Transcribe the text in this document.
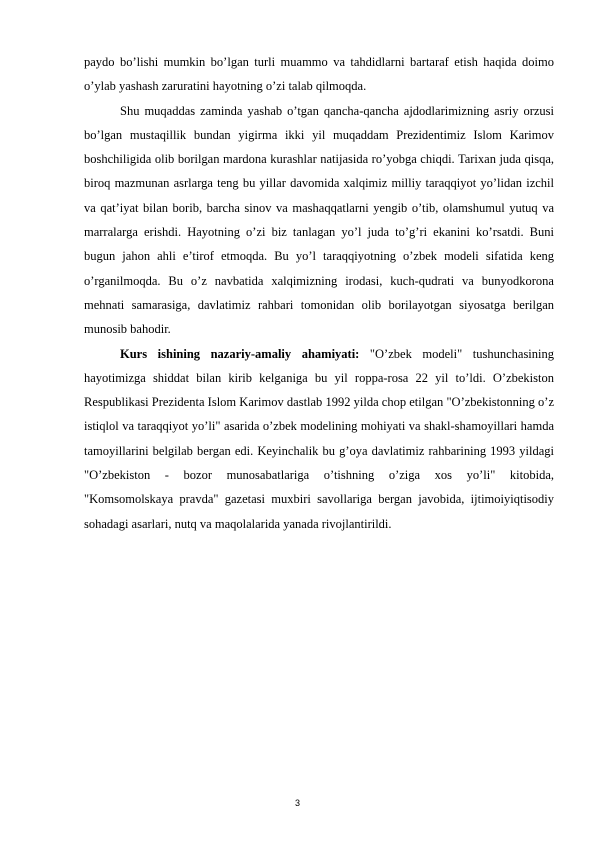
paydo bo’lishi mumkin bo’lgan turli muammo va tahdidlarni bartaraf etish haqida doimo o’ylab yashash zaruratini hayotning o’zi talab qilmoqda.

Shu muqaddas zaminda yashab o’tgan qancha-qancha ajdodlarimizning asriy orzusi bo’lgan mustaqillik bundan yigirma ikki yil muqaddam Prezidentimiz Islom Karimov boshchiligida olib borilgan mardona kurashlar natijasida ro’yobga chiqdi. Tarixan juda qisqa, biroq mazmunan asrlarga teng bu yillar davomida xalqimiz milliy taraqqiyot yo’lidan izchil va qat’iyat bilan borib, barcha sinov va mashaqqatlarni yengib o’tib, olamshumul yutuq va marralarga erishdi. Hayotning o’zi biz tanlagan yo’l juda to’g’ri ekanini ko’rsatdi. Buni bugun jahon ahli e’tirof etmoqda. Bu yo’l taraqqiyotning o’zbek modeli sifatida keng o’rganilmoqda. Bu o’z navbatida xalqimizning irodasi, kuch-qudrati va bunyodkorona mehnati samarasiga, davlatimiz rahbari tomonidan olib borilayotgan siyosatga berilgan munosib bahodir.

Kurs ishining nazariy-amaliy ahamiyati: "O’zbek modeli" tushunchasining hayotimizga shiddat bilan kirib kelganiga bu yil roppa-rosa 22 yil to’ldi. O’zbekiston Respublikasi Prezidenta Islom Karimov dastlab 1992 yilda chop etilgan "O’zbekistonning o’z istiqlol va taraqqiyot yo’li" asarida o’zbek modelining mohiyati va shakl-shamoyillari hamda tamoyillarini belgilab bergan edi. Keyinchalik bu g’oya davlatimiz rahbarining 1993 yildagi "O’zbekiston - bozor munosabatlariga o’tishning o’ziga xos yo’li" kitobida, "Komsomolskaya pravda" gazetasi muxbiri savollariga bergan javobida, ijtimoiyiqtisodiy sohadagi asarlari, nutq va maqolalarida yanada rivojlantirildi.

3
